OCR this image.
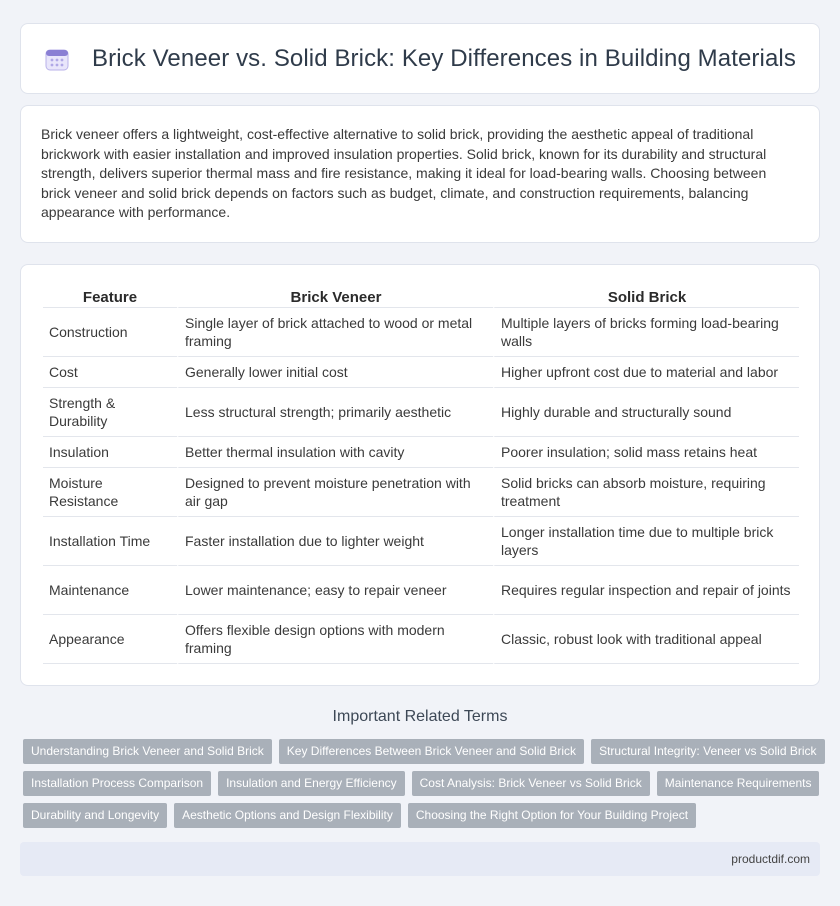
Brick Veneer vs. Solid Brick: Key Differences in Building Materials

Brick veneer offers a lightweight, cost-effective alternative to solid brick, providing the aesthetic appeal of traditional brickwork with easier installation and improved insulation properties. Solid brick, known for its durability and structural strength, delivers superior thermal mass and fire resistance, making it ideal for load-bearing walls. Choosing between brick veneer and solid brick depends on factors such as budget, climate, and construction requirements, balancing appearance with performance.

Feature	Brick Veneer	Solid Brick
Construction	Single layer of brick attached to wood or metal framing	Multiple layers of bricks forming load-bearing walls
Cost	Generally lower initial cost	Higher upfront cost due to material and labor
Strength & Durability	Less structural strength; primarily aesthetic	Highly durable and structurally sound
Insulation	Better thermal insulation with cavity	Poorer insulation; solid mass retains heat
Moisture Resistance	Designed to prevent moisture penetration with air gap	Solid bricks can absorb moisture, requiring treatment
Installation Time	Faster installation due to lighter weight	Longer installation time due to multiple brick layers
Maintenance	Lower maintenance; easy to repair veneer	Requires regular inspection and repair of joints
Appearance	Offers flexible design options with modern framing	Classic, robust look with traditional appeal
Important Related Terms
Understanding Brick Veneer and Solid Brick	Key Differences Between Brick Veneer and Solid Brick	Structural Integrity: Veneer vs Solid Brick
Installation Process Comparison	Insulation and Energy Efficiency	Cost Analysis: Brick Veneer vs Solid Brick	Maintenance Requirements
Durability and Longevity	Aesthetic Options and Design Flexibility	Choosing the Right Option for Your Building Project
productdif.com
